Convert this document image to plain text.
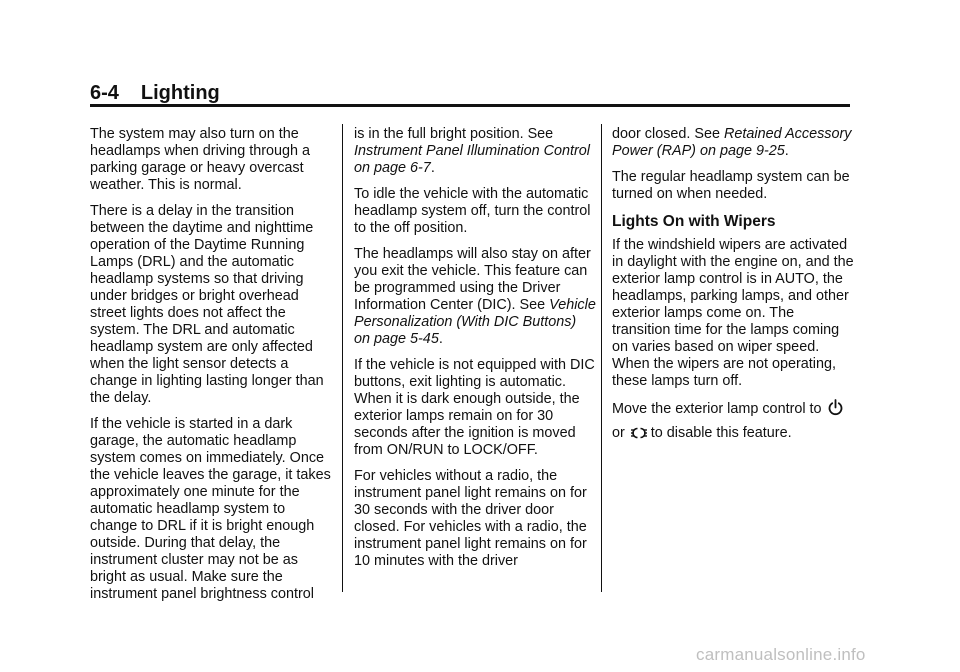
6-4 Lighting

The system may also turn on the headlamps when driving through a parking garage or heavy overcast weather. This is normal.

There is a delay in the transition between the daytime and nighttime operation of the Daytime Running Lamps (DRL) and the automatic headlamp systems so that driving under bridges or bright overhead street lights does not affect the system. The DRL and automatic headlamp system are only affected when the light sensor detects a change in lighting lasting longer than the delay.

If the vehicle is started in a dark garage, the automatic headlamp system comes on immediately. Once the vehicle leaves the garage, it takes approximately one minute for the automatic headlamp system to change to DRL if it is bright enough outside. During that delay, the instrument cluster may not be as bright as usual. Make sure the instrument panel brightness control

is in the full bright position. See Instrument Panel Illumination Control on page 6-7.

To idle the vehicle with the automatic headlamp system off, turn the control to the off position.

The headlamps will also stay on after you exit the vehicle. This feature can be programmed using the Driver Information Center (DIC). See Vehicle Personalization (With DIC Buttons) on page 5-45.

If the vehicle is not equipped with DIC buttons, exit lighting is automatic. When it is dark enough outside, the exterior lamps remain on for 30 seconds after the ignition is moved from ON/RUN to LOCK/OFF.

For vehicles without a radio, the instrument panel light remains on for 30 seconds with the driver door closed. For vehicles with a radio, the instrument panel light remains on for 10 minutes with the driver

door closed. See Retained Accessory Power (RAP) on page 9-25.

The regular headlamp system can be turned on when needed.

Lights On with Wipers

If the windshield wipers are activated in daylight with the engine on, and the exterior lamp control is in AUTO, the headlamps, parking lamps, and other exterior lamps come on. The transition time for the lamps coming on varies based on wiper speed. When the wipers are not operating, these lamps turn off.

Move the exterior lamp control to

or to disable this feature.

carmanualsonline.info
